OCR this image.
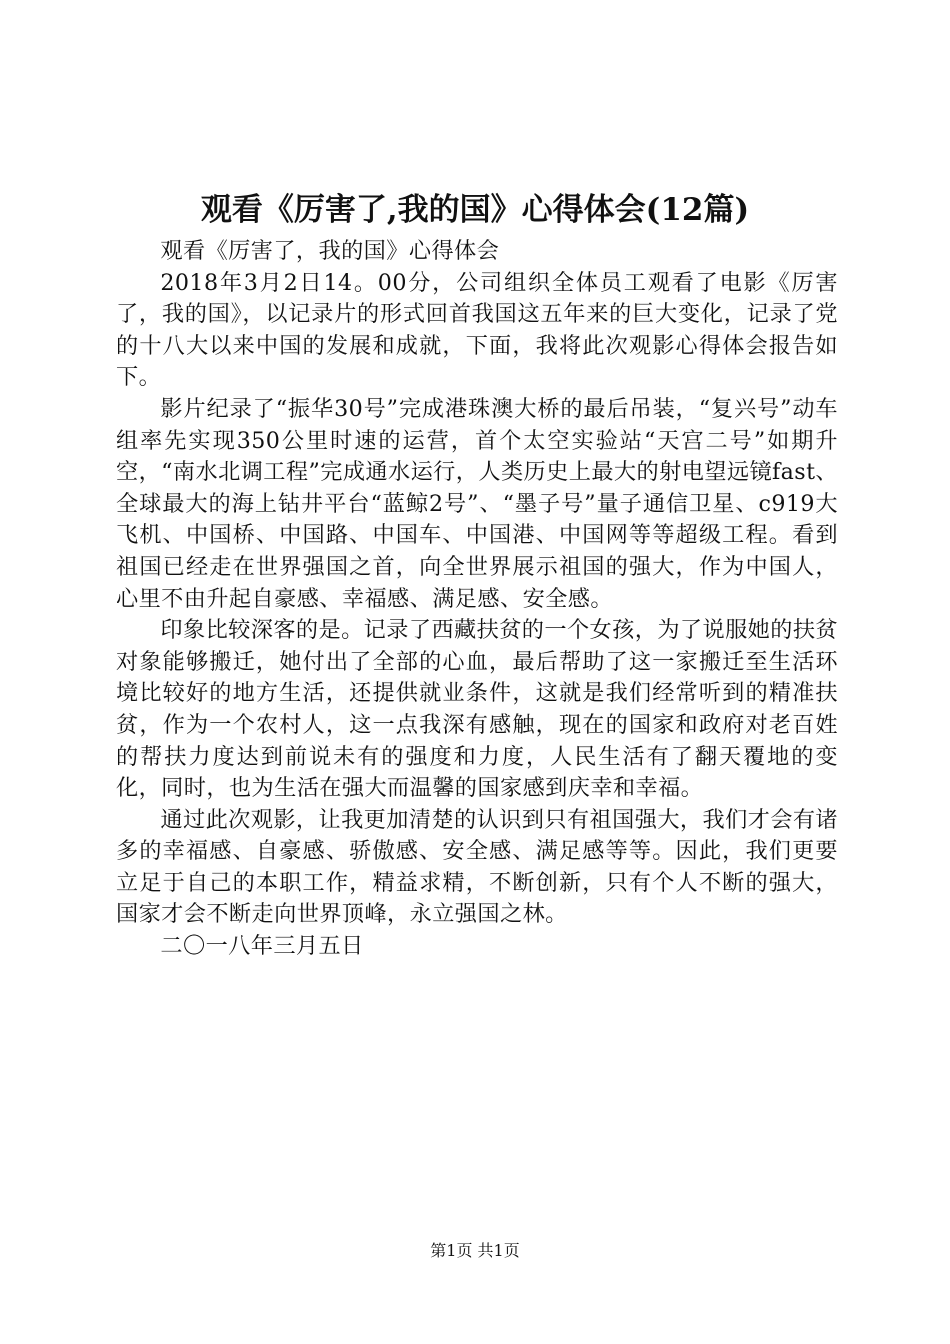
观看《厉害了,我的国》心得体会(12篇)

观看《厉害了，我的国》心得体会

2018年3月2日14。00分，公司组织全体员工观看了电影《厉害了，我的国》，以记录片的形式回首我国这五年来的巨大变化，记录了党的十八大以来中国的发展和成就，下面，我将此次观影心得体会报告如下。

影片纪录了“振华30号”完成港珠澳大桥的最后吊装，“复兴号”动车组率先实现350公里时速的运营，首个太空实验站“天宫二号”如期升空，“南水北调工程”完成通水运行，人类历史上最大的射电望远镜fast、全球最大的海上钻井平台“蓝鲸2号”、“墨子号”量子通信卫星、c919大飞机、中国桥、中国路、中国车、中国港、中国网等等超级工程。看到祖国已经走在世界强国之首，向全世界展示祖国的强大，作为中国人，心里不由升起自豪感、幸福感、满足感、安全感。

印象比较深客的是。记录了西藏扶贫的一个女孩，为了说服她的扶贫对象能够搬迁，她付出了全部的心血，最后帮助了这一家搬迁至生活环境比较好的地方生活，还提供就业条件，这就是我们经常听到的精准扶贫，作为一个农村人，这一点我深有感触，现在的国家和政府对老百姓的帮扶力度达到前说未有的强度和力度，人民生活有了翻天覆地的变化，同时，也为生活在强大而温馨的国家感到庆幸和幸福。

通过此次观影，让我更加清楚的认识到只有祖国强大，我们才会有诸多的幸福感、自豪感、骄傲感、安全感、满足感等等。因此，我们更要立足于自己的本职工作，精益求精，不断创新，只有个人不断的强大，国家才会不断走向世界顶峰，永立强国之林。

二〇一八年三月五日

第1页 共1页
